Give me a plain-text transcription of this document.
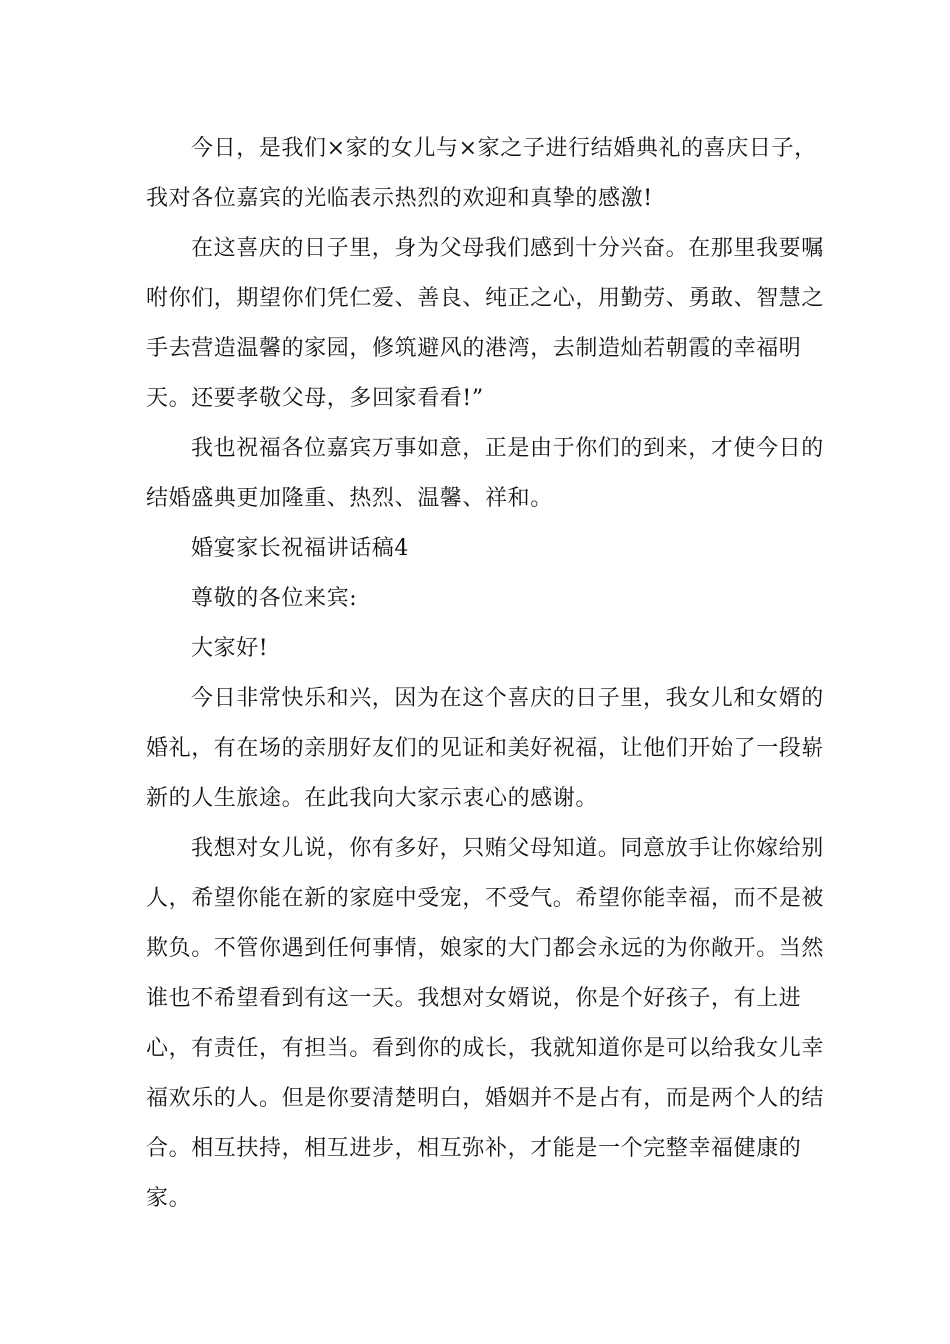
今日，是我们×家的女儿与×家之子进行结婚典礼的喜庆日子，我对各位嘉宾的光临表示热烈的欢迎和真挚的感激!

在这喜庆的日子里，身为父母我们感到十分兴奋。在那里我要嘱咐你们，期望你们凭仁爱、善良、纯正之心，用勤劳、勇敢、智慧之手去营造温馨的家园，修筑避风的港湾，去制造灿若朝霞的幸福明天。还要孝敬父母，多回家看看!”

我也祝福各位嘉宾万事如意，正是由于你们的到来，才使今日的结婚盛典更加隆重、热烈、温馨、祥和。

婚宴家长祝福讲话稿4

尊敬的各位来宾:

大家好!

今日非常快乐和兴，因为在这个喜庆的日子里，我女儿和女婿的婚礼，有在场的亲朋好友们的见证和美好祝福，让他们开始了一段崭新的人生旅途。在此我向大家示衷心的感谢。

我想对女儿说，你有多好，只贿父母知道。同意放手让你嫁给别人，希望你能在新的家庭中受宠，不受气。希望你能幸福，而不是被欺负。不管你遇到任何事情，娘家的大门都会永远的为你敞开。当然谁也不希望看到有这一天。我想对女婿说，你是个好孩子，有上进心，有责任，有担当。看到你的成长，我就知道你是可以给我女儿幸福欢乐的人。但是你要清楚明白，婚姻并不是占有，而是两个人的结合。相互扶持，相互进步，相互弥补，才能是一个完整幸福健康的家。
